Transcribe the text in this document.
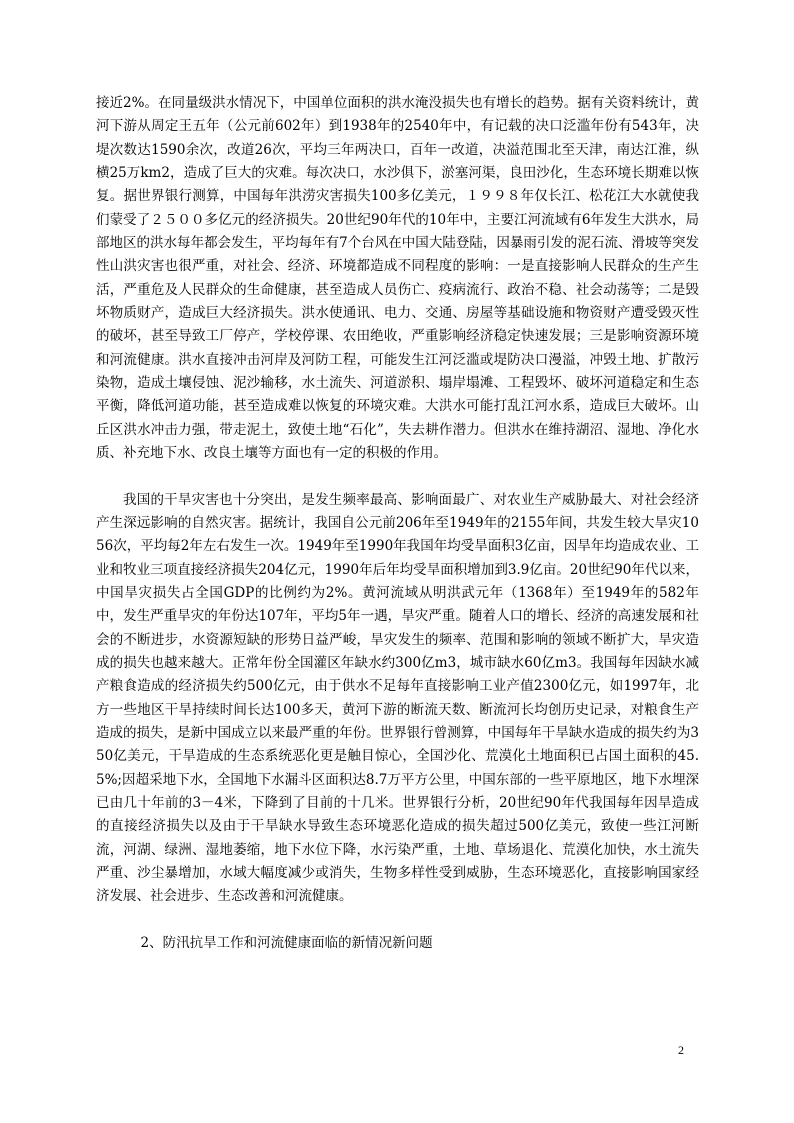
接近2%。在同量级洪水情况下，中国单位面积的洪水淹没损失也有增长的趋势。据有关资料统计，黄河下游从周定王五年（公元前602年）到1938年的2540年中，有记载的决口泛滥年份有543年，决堤次数达1590余次，改道26次，平均三年两决口，百年一改道，决溢范围北至天津，南达江淮，纵横25万km2，造成了巨大的灾难。每次决口，水沙俱下，淤塞河渠，良田沙化，生态环境长期难以恢复。据世界银行测算，中国每年洪涝灾害损失100多亿美元，１９９８年仅长江、松花江大水就使我们蒙受了２５００多亿元的经济损失。20世纪90年代的10年中，主要江河流域有6年发生大洪水，局部地区的洪水每年都会发生，平均每年有7个台风在中国大陆登陆，因暴雨引发的泥石流、滑坡等突发性山洪灾害也很严重，对社会、经济、环境都造成不同程度的影响：一是直接影响人民群众的生产生活，严重危及人民群众的生命健康，甚至造成人员伤亡、疫病流行、政治不稳、社会动荡等；二是毁坏物质财产，造成巨大经济损失。洪水使通讯、电力、交通、房屋等基础设施和物资财产遭受毁灭性的破坏，甚至导致工厂停产，学校停课、农田绝收，严重影响经济稳定快速发展；三是影响资源环境和河流健康。洪水直接冲击河岸及河防工程，可能发生江河泛滥或堤防决口漫溢，冲毁土地、扩散污染物，造成土壤侵蚀、泥沙输移，水土流失、河道淤积、塌岸塌滩、工程毁坏、破坏河道稳定和生态平衡，降低河道功能，甚至造成难以恢复的环境灾难。大洪水可能打乱江河水系，造成巨大破坏。山丘区洪水冲击力强，带走泥土，致使土地“石化”，失去耕作潜力。但洪水在维持湖沼、湿地、净化水质、补充地下水、改良土壤等方面也有一定的积极的作用。

我国的干旱灾害也十分突出，是发生频率最高、影响面最广、对农业生产威胁最大、对社会经济产生深远影响的自然灾害。据统计，我国自公元前206年至1949年的2155年间，共发生较大旱灾1056次，平均每2年左右发生一次。1949年至1990年我国年均受旱面积3亿亩，因旱年均造成农业、工业和牧业三项直接经济损失204亿元，1990年后年均受旱面积增加到3.9亿亩。20世纪90年代以来，中国旱灾损失占全国GDP的比例约为2%。黄河流域从明洪武元年（1368年）至1949年的582年中，发生严重旱灾的年份达107年，平均5年一遇，旱灾严重。随着人口的增长、经济的高速发展和社会的不断进步，水资源短缺的形势日益严峻，旱灾发生的频率、范围和影响的领域不断扩大，旱灾造成的损失也越来越大。正常年份全国灌区年缺水约300亿m3，城市缺水60亿m3。我国每年因缺水减产粮食造成的经济损失约500亿元，由于供水不足每年直接影响工业产值2300亿元，如1997年，北方一些地区干旱持续时间长达100多天，黄河下游的断流天数、断流河长均创历史记录，对粮食生产造成的损失，是新中国成立以来最严重的年份。世界银行曾测算，中国每年干旱缺水造成的损失约为350亿美元，干旱造成的生态系统恶化更是触目惊心，全国沙化、荒漠化土地面积已占国土面积的45.5%;因超采地下水，全国地下水漏斗区面积达8.7万平方公里，中国东部的一些平原地区，地下水埋深已由几十年前的3－4米，下降到了目前的十几米。世界银行分析，20世纪90年代我国每年因旱造成的直接经济损失以及由于干旱缺水导致生态环境恶化造成的损失超过500亿美元，致使一些江河断流，河湖、绿洲、湿地萎缩，地下水位下降，水污染严重，土地、草场退化、荒漠化加快，水土流失严重、沙尘暴增加，水域大幅度减少或消失，生物多样性受到威胁，生态环境恶化，直接影响国家经济发展、社会进步、生态改善和河流健康。

2、防汛抗旱工作和河流健康面临的新情况新问题

2
